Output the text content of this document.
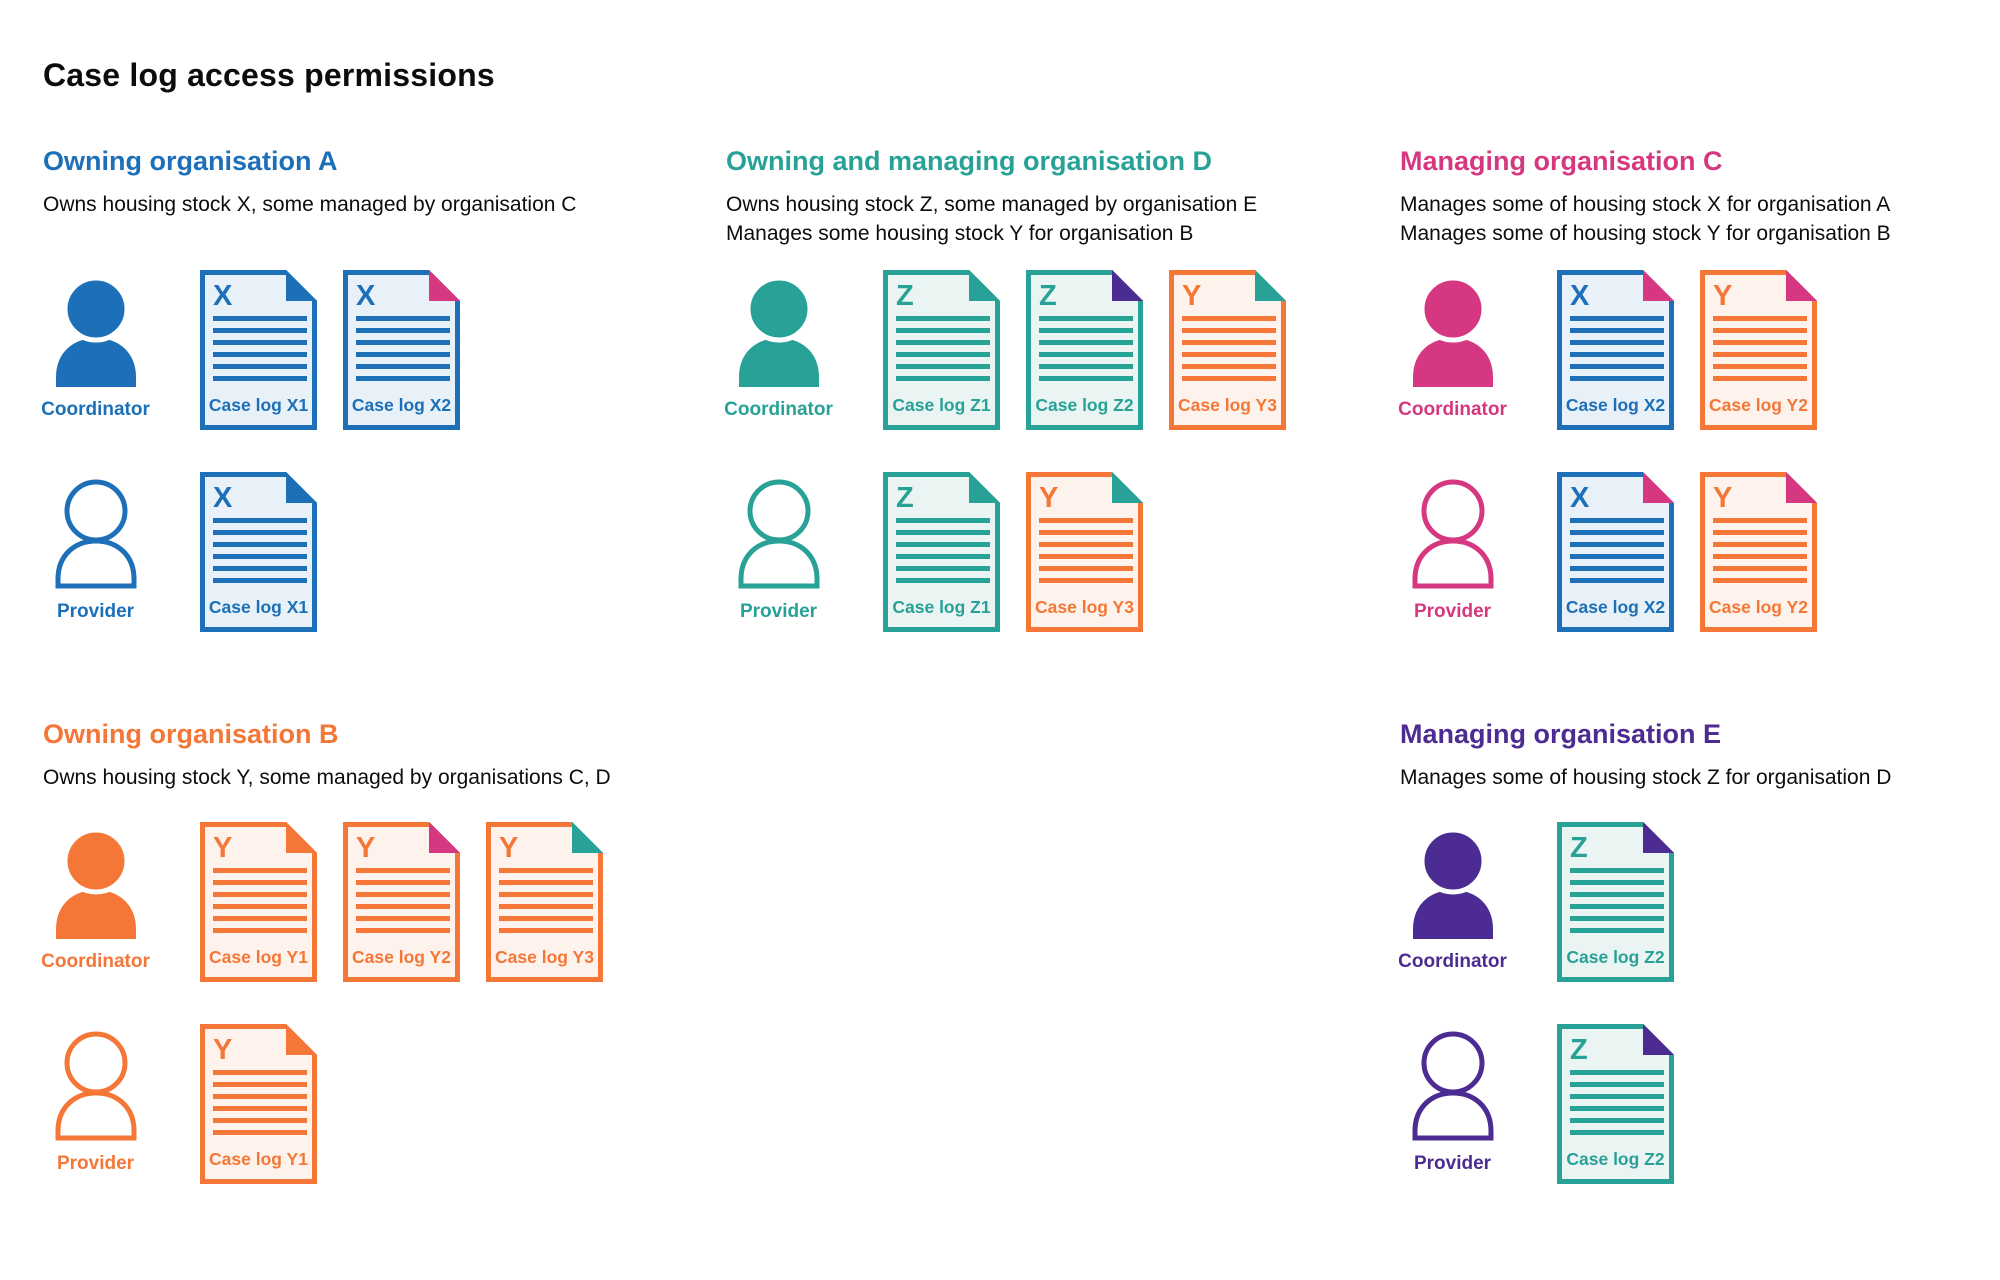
Case log access permissions
Owning organisation A

Owns housing stock X, some managed by organisation C

Coordinator
X
Case log X1
X
Case log X2
Provider
X
Case log X1
Owning and managing organisation D

Owns housing stock Z, some managed by organisation E

Manages some housing stock Y for organisation B

Coordinator
Z
Case log Z1
Z
Case log Z2
Y
Case log Y3
Provider
Z
Case log Z1
Y
Case log Y3
Managing organisation C

Manages some of housing stock X for organisation A

Manages some of housing stock Y for organisation B

Coordinator
X
Case log X2
Y
Case log Y2
Provider
X
Case log X2
Y
Case log Y2
Owning organisation B

Owns housing stock Y, some managed by organisations C, D

Coordinator
Y
Case log Y1
Y
Case log Y2
Y
Case log Y3
Provider
Y
Case log Y1
Managing organisation E

Manages some of housing stock Z for organisation D

Coordinator
Z
Case log Z2
Provider
Z
Case log Z2
